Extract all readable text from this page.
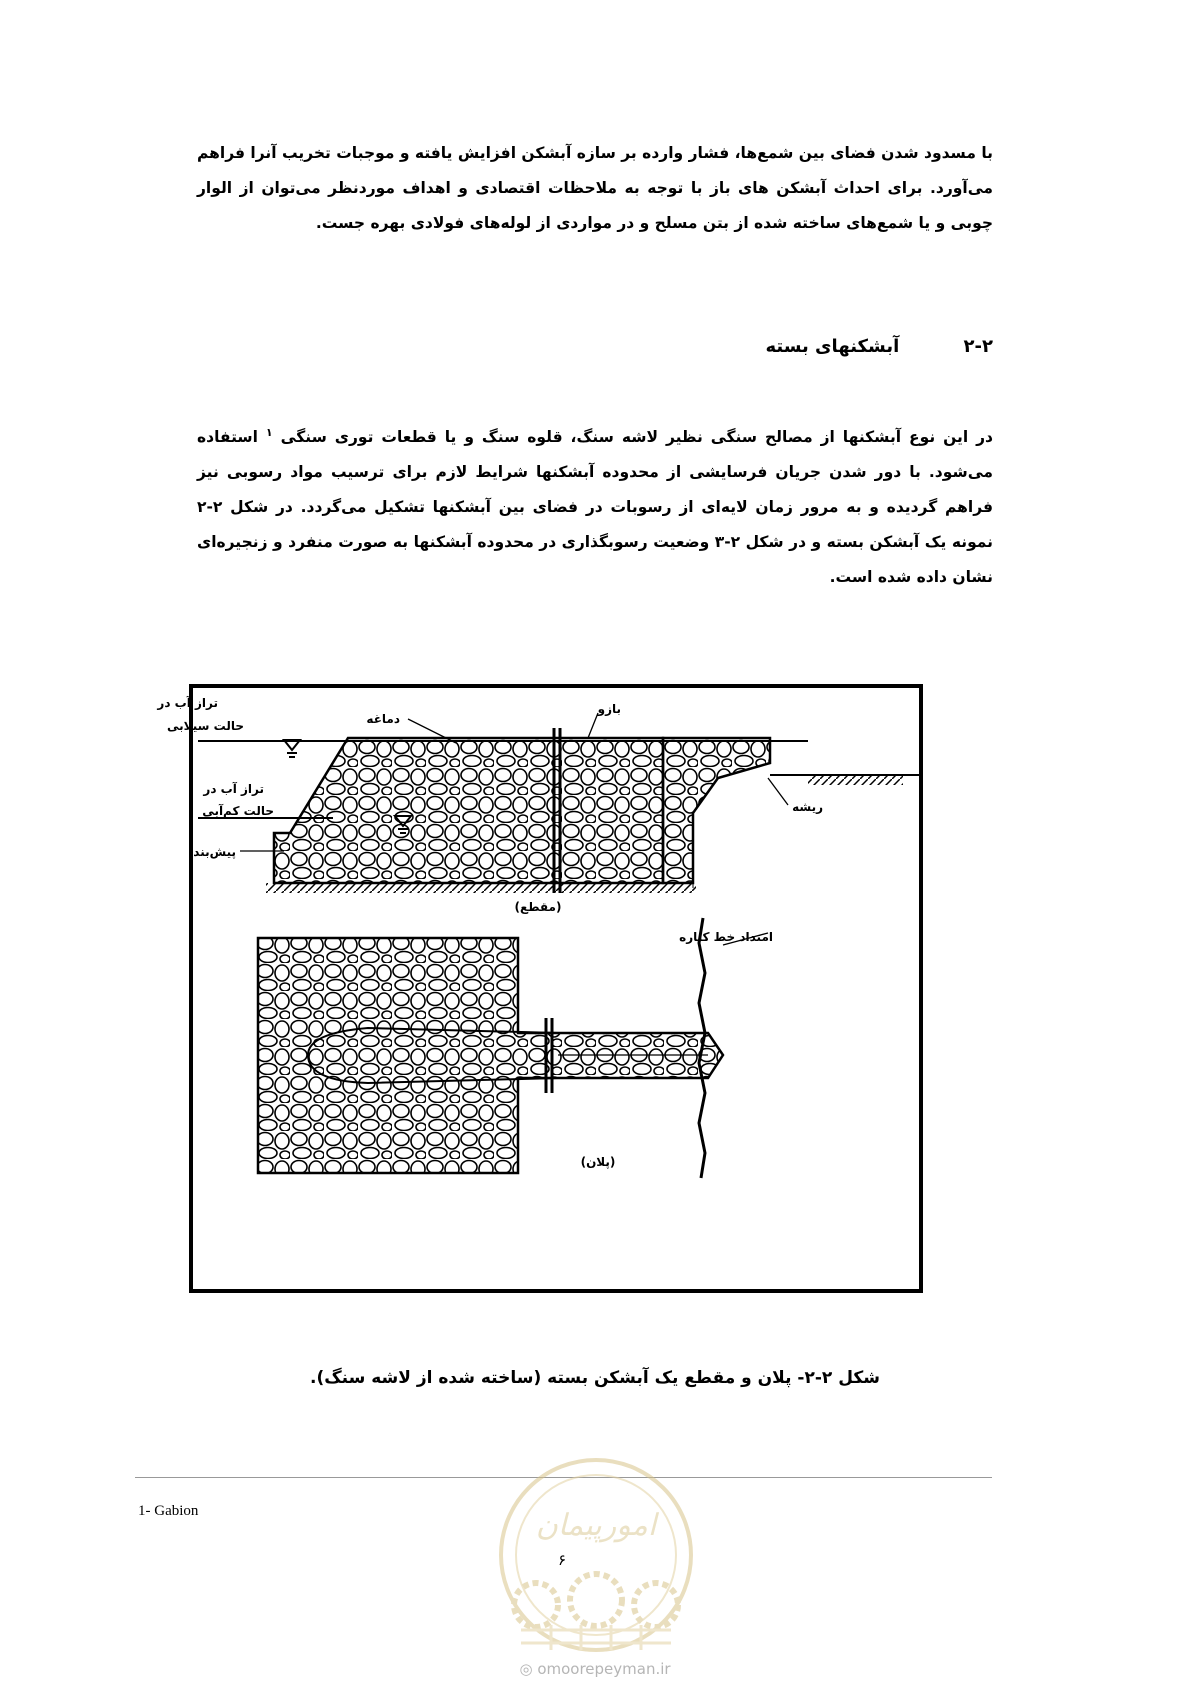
با مسدود شدن فضای بین شمع‌ها، فشار وارده بر سازه آبشکن افزایش یافته و موجبات تخریب آنرا فراهم می‌آورد. برای احداث آبشکن های باز با توجه به ملاحظات اقتصادی و اهداف موردنظر می‌توان از الوار چوبی و یا شمع‌های ساخته شده از بتن مسلح و در مواردی از لوله‌های فولادی بهره جست.
۲-۲ آبشکنهای بسته
در این نوع آبشکنها از مصالح سنگی نظیر لاشه سنگ، قلوه سنگ و یا قطعات توری سنگی $^۱$ استفاده می‌شود. با دور شدن جریان فرسایشی از محدوده آبشکنها شرایط لازم برای ترسیب مواد رسوبی نیز فراهم گردیده و به مرور زمان لایه‌ای از رسوبات در فضای بین آبشکنها تشکیل می‌گردد. در شکل ۲-۲ نمونه یک آبشکن بسته و در شکل ۲-۳ وضعیت رسوبگذاری در محدوده آبشکنها به صورت منفرد و زنجیره‌ای نشان داده شده است.
تراز آب در
حالت سیلابی
تراز آب در
حالت کم‌آبی
دماغه
بازو
ریشه
پیش‌بند
(مقطع)
امتداد خط کناره
(پلان)
شکل ۲-۲- پلان و مقطع یک آبشکن بسته (ساخته شده از لاشه سنگ).
1- Gabion	امورپیمان
۶
◎ omoorepeyman.ir
